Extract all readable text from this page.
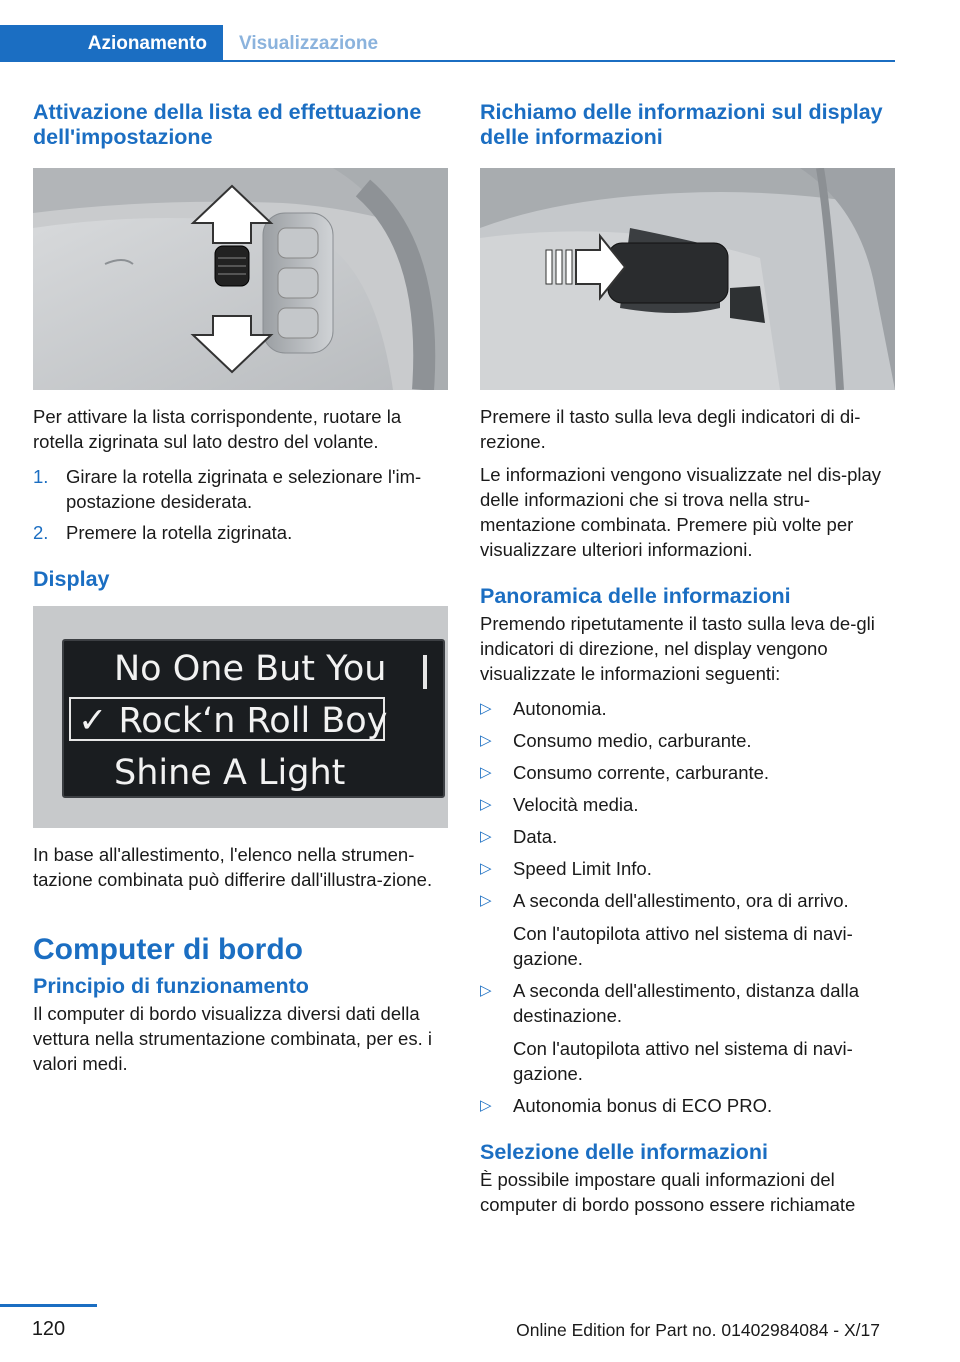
Azionamento	Visualizzazione
Attivazione della lista ed effettuazione dell'impostazione

Per attivare la lista corrispondente, ruotare la rotella zigrinata sul lato destro del volante.

1. Girare la rotella zigrinata e selezionare l'im‐postazione desiderata.
2. Premere la rotella zigrinata.
Display
No One But You
✓ Rock‘n Roll Boy
Shine A Light

In base all'allestimento, l'elenco nella strumen‐tazione combinata può differire dall'illustra‐zione.

Computer di bordo
Principio di funzionamento

Il computer di bordo visualizza diversi dati della vettura nella strumentazione combinata, per es. i valori medi.

Richiamo delle informazioni sul display delle informazioni

Premere il tasto sulla leva degli indicatori di di‐rezione.

Le informazioni vengono visualizzate nel dis‐play delle informazioni che si trova nella stru‐mentazione combinata. Premere più volte per visualizzare ulteriori informazioni.

Panoramica delle informazioni

Premendo ripetutamente il tasto sulla leva de‐gli indicatori di direzione, nel display vengono visualizzate le informazioni seguenti:

▷ Autonomia.
▷ Consumo medio, carburante.
▷ Consumo corrente, carburante.
▷ Velocità media.
▷ Data.
▷ Speed Limit Info.
▷ A seconda dell'allestimento, ora di arrivo.
Con l'autopilota attivo nel sistema di navi‐gazione.
▷ A seconda dell'allestimento, distanza dalla destinazione.
Con l'autopilota attivo nel sistema di navi‐gazione.
▷ Autonomia bonus di ECO PRO.
Selezione delle informazioni

È possibile impostare quali informazioni del computer di bordo possono essere richiamate

120	Online Edition for Part no. 01402984084 - X/17
